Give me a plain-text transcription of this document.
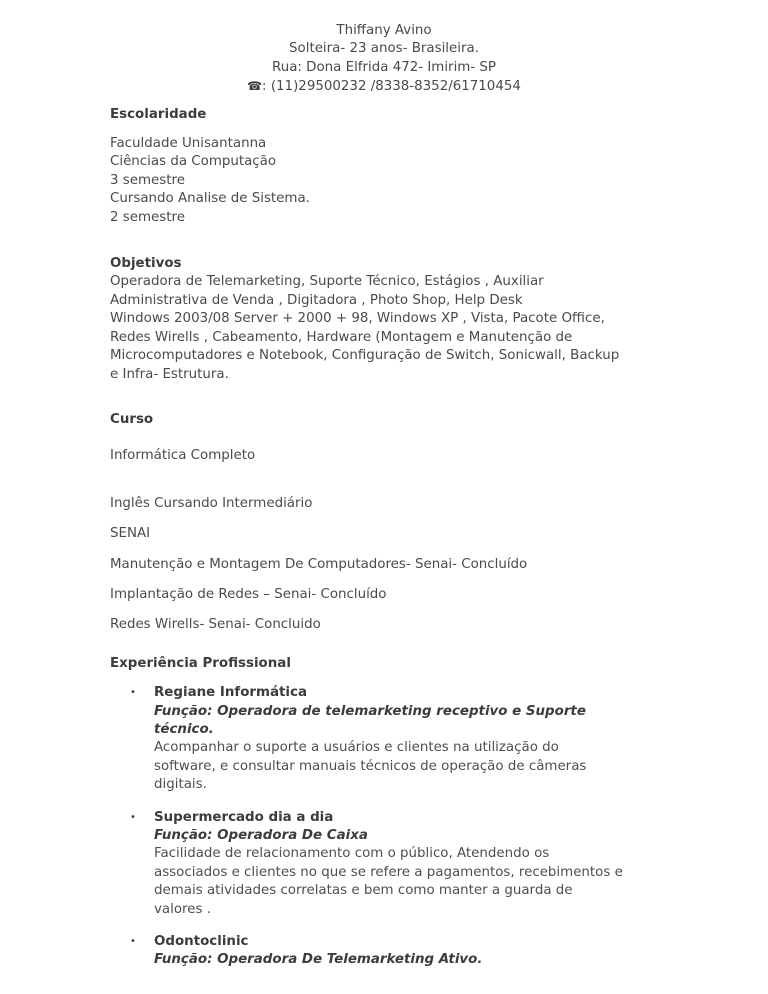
Thiffany Avino
Solteira- 23 anos- Brasileira.
Rua: Dona Elfrida 472- Imirim- SP
☎: (11)29500232 /8338-8352/61710454
Escolaridade
Faculdade Unisantanna
Ciências da Computação
3 semestre
Cursando Analise de Sistema.
2 semestre
Objetivos
Operadora de Telemarketing, Suporte Técnico, Estágios , Auxiliar
Administrativa de Venda , Digitadora , Photo Shop, Help Desk
Windows 2003/08 Server + 2000 + 98, Windows XP , Vista, Pacote Office,
Redes Wirells , Cabeamento, Hardware (Montagem e Manutenção de
Microcomputadores e Notebook, Configuração de Switch, Sonicwall, Backup
e Infra- Estrutura.
Curso
Informática Completo
Inglês Cursando Intermediário
SENAI
Manutenção e Montagem De Computadores- Senai- Concluído
Implantação de Redes – Senai- Concluído
Redes Wirells- Senai- Concluido
Experiência Profissional
• Regiane Informática
Função: Operadora de telemarketing receptivo e Suporte
técnico.
Acompanhar o suporte a usuários e clientes na utilização do
software, e consultar manuais técnicos de operação de câmeras
digitais.
• Supermercado dia a dia
Função: Operadora De Caixa
Facilidade de relacionamento com o público, Atendendo os
associados e clientes no que se refere a pagamentos, recebimentos e
demais atividades correlatas e bem como manter a guarda de
valores .
• Odontoclinic
Função: Operadora De Telemarketing Ativo.
